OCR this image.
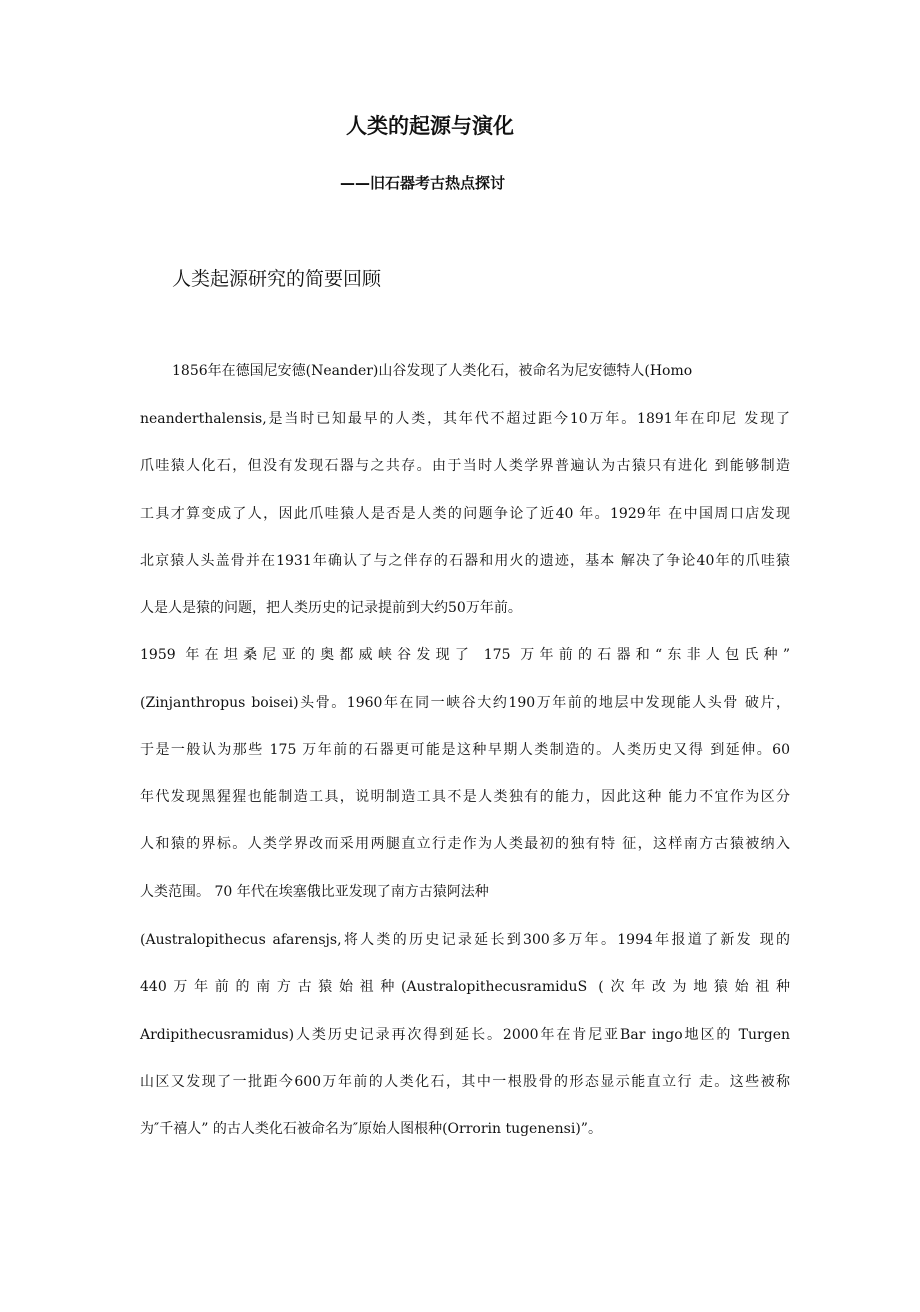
人类的起源与演化
——旧石器考古热点探讨
人类起源研究的简要回顾
1856年在德国尼安德(Neander)山谷发现了人类化石，被命名为尼安德特人(Homo
neanderthalensis,是当时已知最早的人类，其年代不超过距今10万年。1891年在印尼 发现了
爪哇猿人化石，但没有发现石器与之共存。由于当时人类学界普遍认为古猿只有进化 到能够制造
工具才算变成了人，因此爪哇猿人是否是人类的问题争论了近40 年。1929年 在中国周口店发现
北京猿人头盖骨并在1931年确认了与之伴存的石器和用火的遗迹，基本 解决了争论40年的爪哇猿
人是人是猿的问题，把人类历史的记录提前到大约50万年前。
1959 年在坦桑尼亚的奥都威峡谷发现了 175 万年前的石器和“东非人包氏种”
(Zinjanthropus boisei)头骨。1960年在同一峡谷大约190万年前的地层中发现能人头骨 破片，
于是一般认为那些 175 万年前的石器更可能是这种早期人类制造的。人类历史又得 到延伸。60
年代发现黑猩猩也能制造工具，说明制造工具不是人类独有的能力，因此这种 能力不宜作为区分
人和猿的界标。人类学界改而采用两腿直立行走作为人类最初的独有特 征，这样南方古猿被纳入
人类范围。 70 年代在埃塞俄比亚发现了南方古猿阿法种
(Australopithecus afarensjs,将人类的历史记录延长到300多万年。1994年报道了新发 现的
440万年前的南方古猿始祖种(AustralopithecusramiduS (次年改为地猿始祖种
Ardipithecusramidus)人类历史记录再次得到延长。2000年在肯尼亚Bar ingo地区的 Turgen
山区又发现了一批距今600万年前的人类化石，其中一根股骨的形态显示能直立行 走。这些被称
为″千禧人” 的古人类化石被命名为″原始人图根种(Orrorin tugenensi)”。
